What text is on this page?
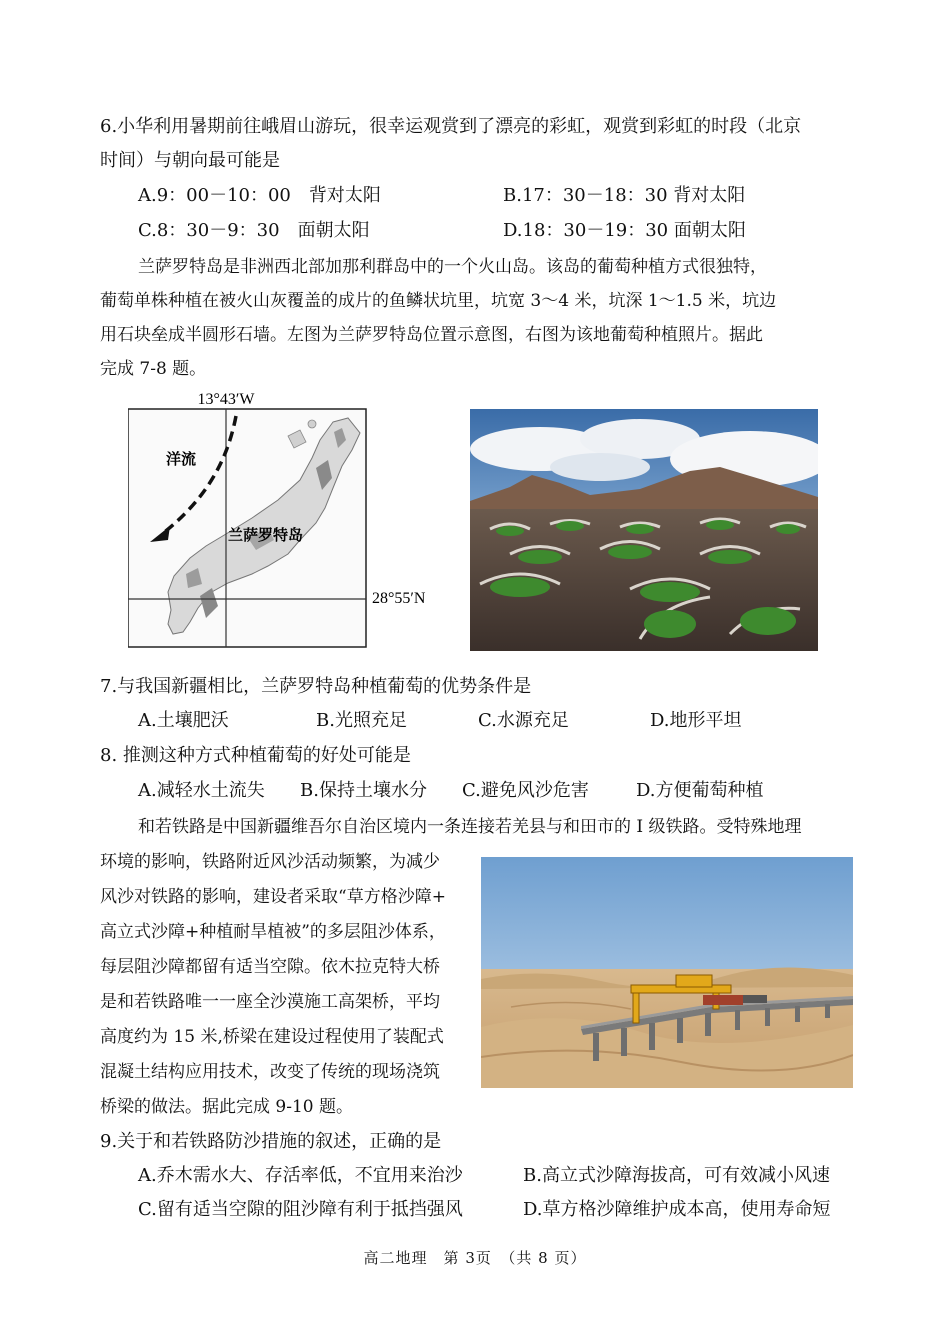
6.小华利用暑期前往峨眉山游玩，很幸运观赏到了漂亮的彩虹，观赏到彩虹的时段（北京
时间）与朝向最可能是
A.9：00－10：00　背对太阳	B.17：30－18：30 背对太阳
C.8：30－9：30　面朝太阳	D.18：30－19：30 面朝太阳
兰萨罗特岛是非洲西北部加那利群岛中的一个火山岛。该岛的葡萄种植方式很独特，
葡萄单株种植在被火山灰覆盖的成片的鱼鳞状坑里，坑宽 3～4 米，坑深 1～1.5 米，坑边
用石块垒成半圆形石墙。左图为兰萨罗特岛位置示意图，右图为该地葡萄种植照片。据此
完成 7-8 题。
13°43′W
洋流
兰萨罗特岛
28°55′N
7.与我国新疆相比，兰萨罗特岛种植葡萄的优势条件是
A.土壤肥沃	B.光照充足	C.水源充足	D.地形平坦
8. 推测这种方式种植葡萄的好处可能是
A.减轻水土流失 B.保持土壤水分 C.避免风沙危害	D.方便葡萄种植
和若铁路是中国新疆维吾尔自治区境内一条连接若羌县与和田市的 I 级铁路。受特殊地理
环境的影响，铁路附近风沙活动频繁，为减少
风沙对铁路的影响，建设者采取“草方格沙障+
高立式沙障+种植耐旱植被”的多层阻沙体系，
每层阻沙障都留有适当空隙。依木拉克特大桥
是和若铁路唯一一座全沙漠施工高架桥，平均
高度约为 15 米,桥梁在建设过程使用了装配式
混凝土结构应用技术，改变了传统的现场浇筑
桥梁的做法。据此完成 9-10 题。
9.关于和若铁路防沙措施的叙述，正确的是
A.乔木需水大、存活率低，不宜用来治沙	B.高立式沙障海拔高，可有效减小风速
C.留有适当空隙的阻沙障有利于抵挡强风	D.草方格沙障维护成本高，使用寿命短
高二地理　第 3页　（共 8 页）
